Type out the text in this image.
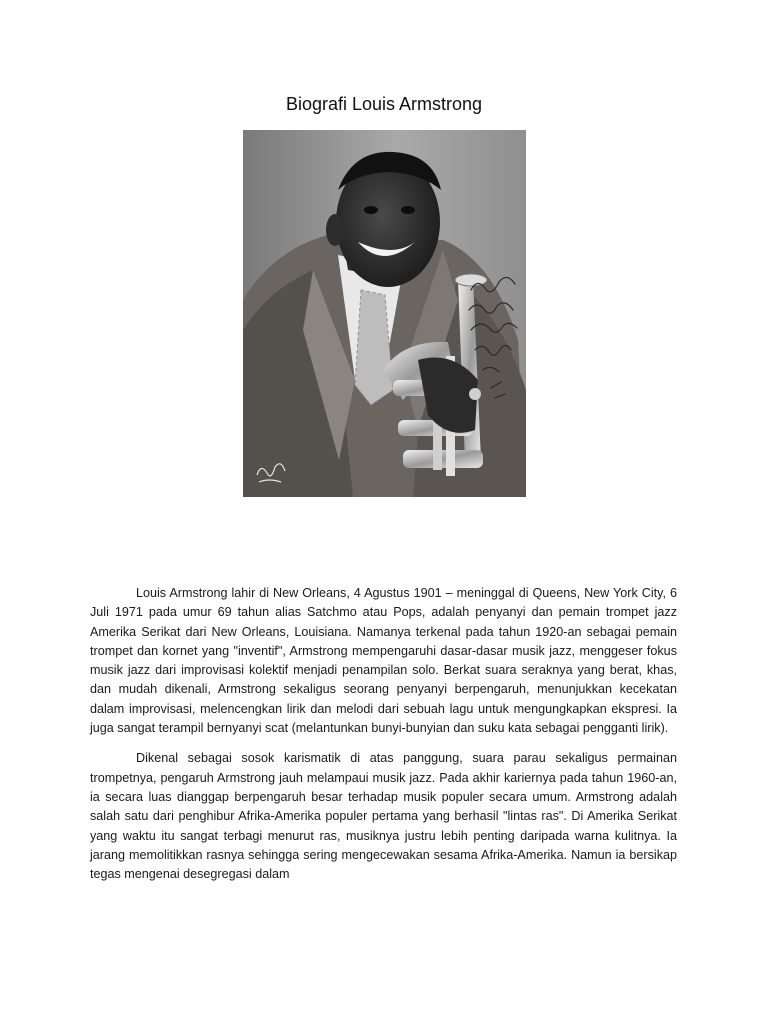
Biografi Louis Armstrong

Louis Armstrong lahir di New Orleans, 4 Agustus 1901 – meninggal di Queens, New York City, 6 Juli 1971 pada umur 69 tahun alias Satchmo atau Pops, adalah penyanyi dan pemain trompet jazz Amerika Serikat dari New Orleans, Louisiana. Namanya terkenal pada tahun 1920-an sebagai pemain trompet dan kornet yang "inventif", Armstrong mempengaruhi dasar-dasar musik jazz, menggeser fokus musik jazz dari improvisasi kolektif menjadi penampilan solo. Berkat suara seraknya yang berat, khas, dan mudah dikenali, Armstrong sekaligus seorang penyanyi berpengaruh, menunjukkan kecekatan dalam improvisasi, melencengkan lirik dan melodi dari sebuah lagu untuk mengungkapkan ekspresi. Ia juga sangat terampil bernyanyi scat (melantunkan bunyi-bunyian dan suku kata sebagai pengganti lirik).

Dikenal sebagai sosok karismatik di atas panggung, suara parau sekaligus permainan trompetnya, pengaruh Armstrong jauh melampaui musik jazz. Pada akhir kariernya pada tahun 1960-an, ia secara luas dianggap berpengaruh besar terhadap musik populer secara umum. Armstrong adalah salah satu dari penghibur Afrika-Amerika populer pertama yang berhasil "lintas ras". Di Amerika Serikat yang waktu itu sangat terbagi menurut ras, musiknya justru lebih penting daripada warna kulitnya. Ia jarang memolitikkan rasnya sehingga sering mengecewakan sesama Afrika-Amerika. Namun ia bersikap tegas mengenai desegregasi dalam
